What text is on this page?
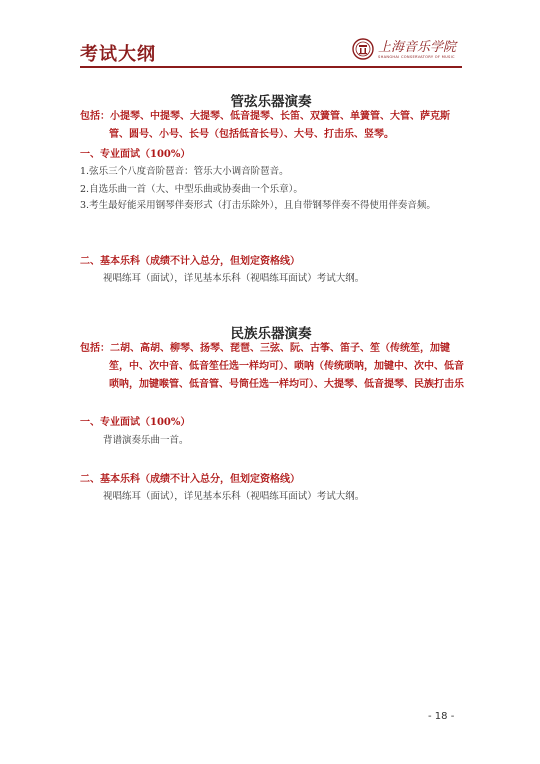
考试大纲	上海音乐学院
SHANGHAI CONSERVATORY OF MUSIC
管弦乐器演奏
包括：小提琴、中提琴、大提琴、低音提琴、长笛、双簧管、单簧管、大管、萨克斯管、圆号、小号、长号（包括低音长号）、大号、打击乐、竖琴。
一、专业面试（100%）
1.弦乐三个八度音阶琶音：管乐大小调音阶琶音。
2.自选乐曲一首（大、中型乐曲或协奏曲一个乐章）。
3.考生最好能采用钢琴伴奏形式（打击乐除外），且自带钢琴伴奏不得使用伴奏音频。
二、基本乐科（成绩不计入总分，但划定资格线）
视唱练耳（面试），详见基本乐科（视唱练耳面试）考试大纲。
民族乐器演奏
包括：二胡、高胡、柳琴、扬琴、琵琶、三弦、阮、古筝、笛子、笙（传统笙，加键笙，中、次中音、低音笙任选一样均可）、唢呐（传统唢呐，加键中、次中、低音唢呐，加键喉管、低音管、号筒任选一样均可）、大提琴、低音提琴、民族打击乐
一、专业面试（100%）
背谱演奏乐曲一首。
二、基本乐科（成绩不计入总分，但划定资格线）
视唱练耳（面试），详见基本乐科（视唱练耳面试）考试大纲。
- 18 -
